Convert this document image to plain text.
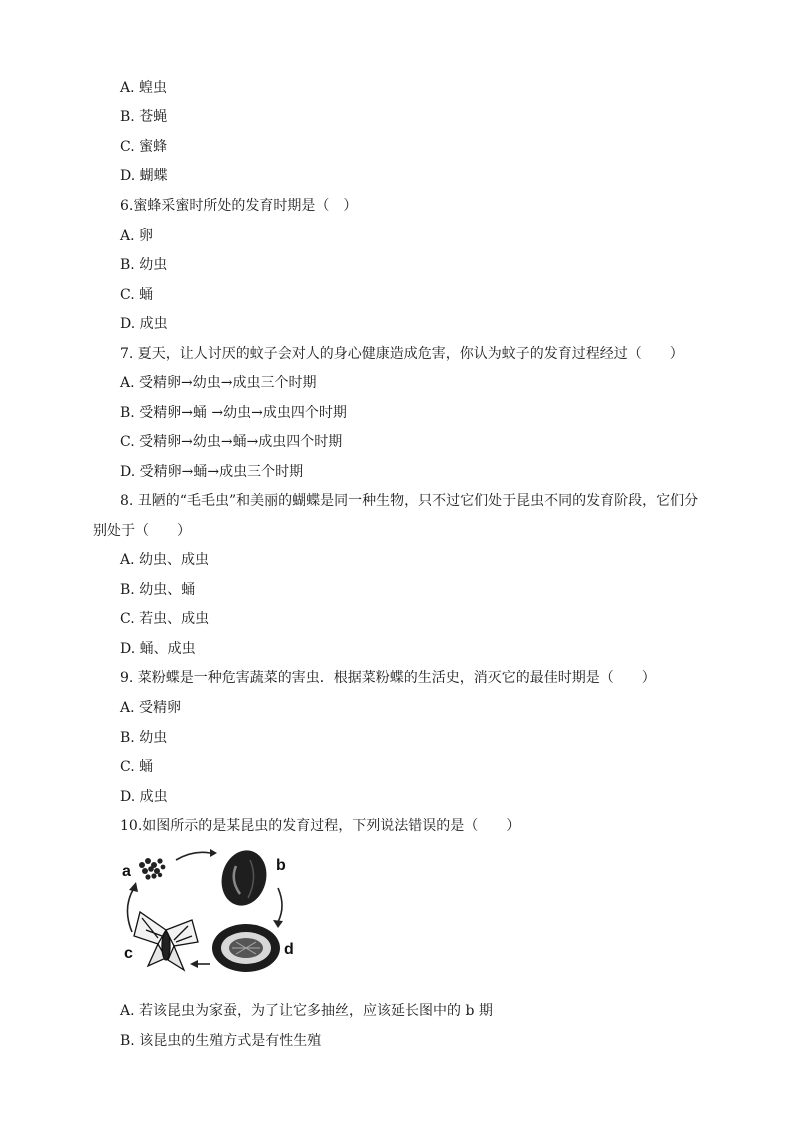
A. 蝗虫

B. 苍蝇

C. 蜜蜂

D. 蝴蝶

6.蜜蜂采蜜时所处的发育时期是（　）

A. 卵

B. 幼虫

C. 蛹

D. 成虫

7. 夏天，让人讨厌的蚊子会对人的身心健康造成危害，你认为蚊子的发育过程经过（　　）

A. 受精卵→幼虫→成虫三个时期

B. 受精卵→蛹 →幼虫→成虫四个时期

C. 受精卵→幼虫→蛹→成虫四个时期

D. 受精卵→蛹→成虫三个时期

8. 丑陋的“毛毛虫”和美丽的蝴蝶是同一种生物，只不过它们处于昆虫不同的发育阶段，它们分

别处于（　　）

A. 幼虫、成虫

B. 幼虫、蛹

C. 若虫、成虫

D. 蛹、成虫

9. 菜粉蝶是一种危害蔬菜的害虫．根据菜粉蝶的生活史，消灭它的最佳时期是（　　）

A. 受精卵

B. 幼虫

C. 蛹

D. 成虫

10.如图所示的是某昆虫的发育过程，下列说法错误的是（　　）

a	b
d
c

A. 若该昆虫为家蚕，为了让它多抽丝，应该延长图中的 b 期

B. 该昆虫的生殖方式是有性生殖
